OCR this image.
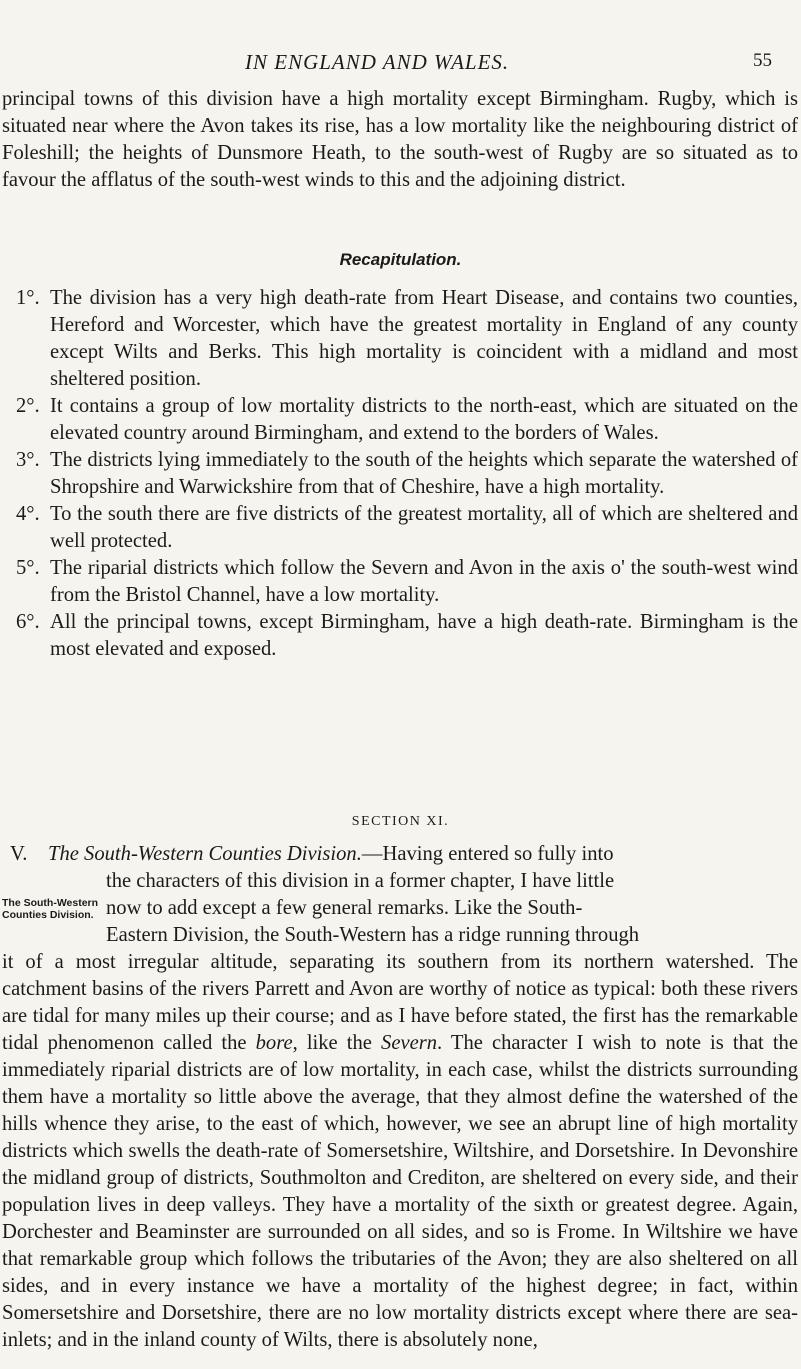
IN ENGLAND AND WALES.	55

principal towns of this division have a high mortality except Birmingham. Rugby, which is situated near where the Avon takes its rise, has a low mortality like the neighbouring district of Foleshill; the heights of Dunsmore Heath, to the south-west of Rugby are so situated as to favour the afflatus of the south-west winds to this and the adjoining district.

Recapitulation.
1°. The division has a very high death-rate from Heart Disease, and contains two counties, Hereford and Worcester, which have the greatest mortality in England of any county except Wilts and Berks. This high mortality is coincident with a midland and most sheltered position.
2°. It contains a group of low mortality districts to the north-east, which are situated on the elevated country around Birmingham, and extend to the borders of Wales.
3°. The districts lying immediately to the south of the heights which separate the watershed of Shropshire and Warwickshire from that of Cheshire, have a high mortality.
4°. To the south there are five districts of the greatest mortality, all of which are sheltered and well protected.
5°. The riparial districts which follow the Severn and Avon in the axis o' the south-west wind from the Bristol Channel, have a low mortality.
6°. All the principal towns, except Birmingham, have a high death-rate. Birmingham is the most elevated and exposed.
SECTION XI.
V. The South-Western Counties Division.—Having entered so fully into
the characters of this division in a former chapter, I have little
The South-Western Counties Division. now to add except a few general remarks. Like the South-
Eastern Division, the South-Western has a ridge running through

it of a most irregular altitude, separating its southern from its northern watershed. The catchment basins of the rivers Parrett and Avon are worthy of notice as typical: both these rivers are tidal for many miles up their course; and as I have before stated, the first has the remarkable tidal phenomenon called the bore, like the Severn. The character I wish to note is that the immediately riparial districts are of low mortality, in each case, whilst the districts surrounding them have a mortality so little above the average, that they almost define the watershed of the hills whence they arise, to the east of which, however, we see an abrupt line of high mortality districts which swells the death-rate of Somersetshire, Wiltshire, and Dorsetshire. In Devonshire the midland group of districts, Southmolton and Crediton, are sheltered on every side, and their population lives in deep valleys. They have a mortality of the sixth or greatest degree. Again, Dorchester and Beaminster are surrounded on all sides, and so is Frome. In Wiltshire we have that remarkable group which follows the tributaries of the Avon; they are also sheltered on all sides, and in every instance we have a mortality of the highest degree; in fact, within Somersetshire and Dorsetshire, there are no low mortality districts except where there are sea-inlets; and in the inland county of Wilts, there is absolutely none,
